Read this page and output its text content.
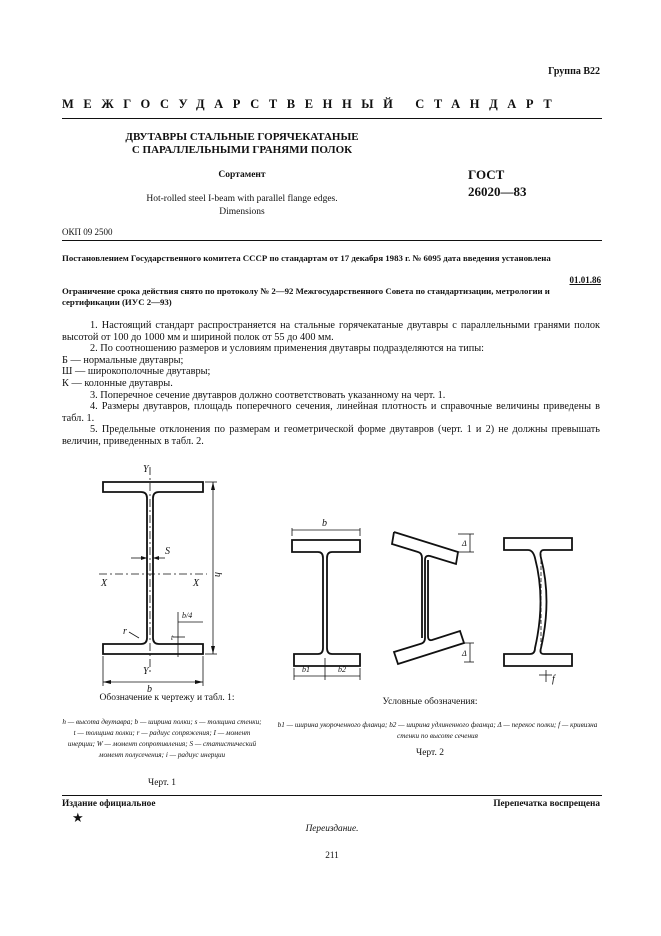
Группа В22
МЕЖГОСУДАРСТВЕННЫЙ СТАНДАРТ
ДВУТАВРЫ СТАЛЬНЫЕ ГОРЯЧЕКАТАНЫЕ
С ПАРАЛЛЕЛЬНЫМИ ГРАНЯМИ ПОЛОК
Сортамент
Hot-rolled steel I-beam with parallel flange edges.
Dimensions
ГОСТ
26020—83
ОКП 09 2500
Постановлением Государственного комитета СССР по стандартам от 17 декабря 1983 г. № 6095 дата введения установлена
01.01.86
Ограничение срока действия снято по протоколу № 2—92 Межгосударственного Совета по стандартизации, метрологии и сертификации (ИУС 2—93)

1. Настоящий стандарт распространяется на стальные горячекатаные двутавры с параллельными гранями полок высотой от 100 до 1000 мм и шириной полок от 55 до 400 мм.

2. По соотношению размеров и условиям применения двутавры подразделяются на типы:

Б — нормальные двутавры;

Ш — широкополочные двутавры;

К — колонные двутавры.

3. Поперечное сечение двутавров должно соответствовать указанному на черт. 1.

4. Размеры двутавров, площадь поперечного сечения, линейная плотность и справочные величины приведены в табл. 1.

5. Предельные отклонения по размерам и геометрической форме двутавров (черт. 1 и 2) не должны превышать величин, приведенных в табл. 2.

Y
Y
X	X
S
h
b
t
r
b/4
Обозначение к чертежу и табл. 1:
h — высота двутавра; b — ширина полки; s — толщина стенки; t — толщина полки; r — радиус сопряжения; I — момент инерции; W — момент сопротивления; S — статистический момент полусечения; i — радиус инерции
Черт. 1
b
b1	b2
Δ
Δ
f
Условные обозначения:
b1 — ширина укороченного фланца; b2 — ширина удлиненного фланца; Δ — перекос полки; f — кривизна стенки по высоте сечения
Черт. 2
Издание официальное
★
Перепечатка воспрещена
Переиздание.
211
